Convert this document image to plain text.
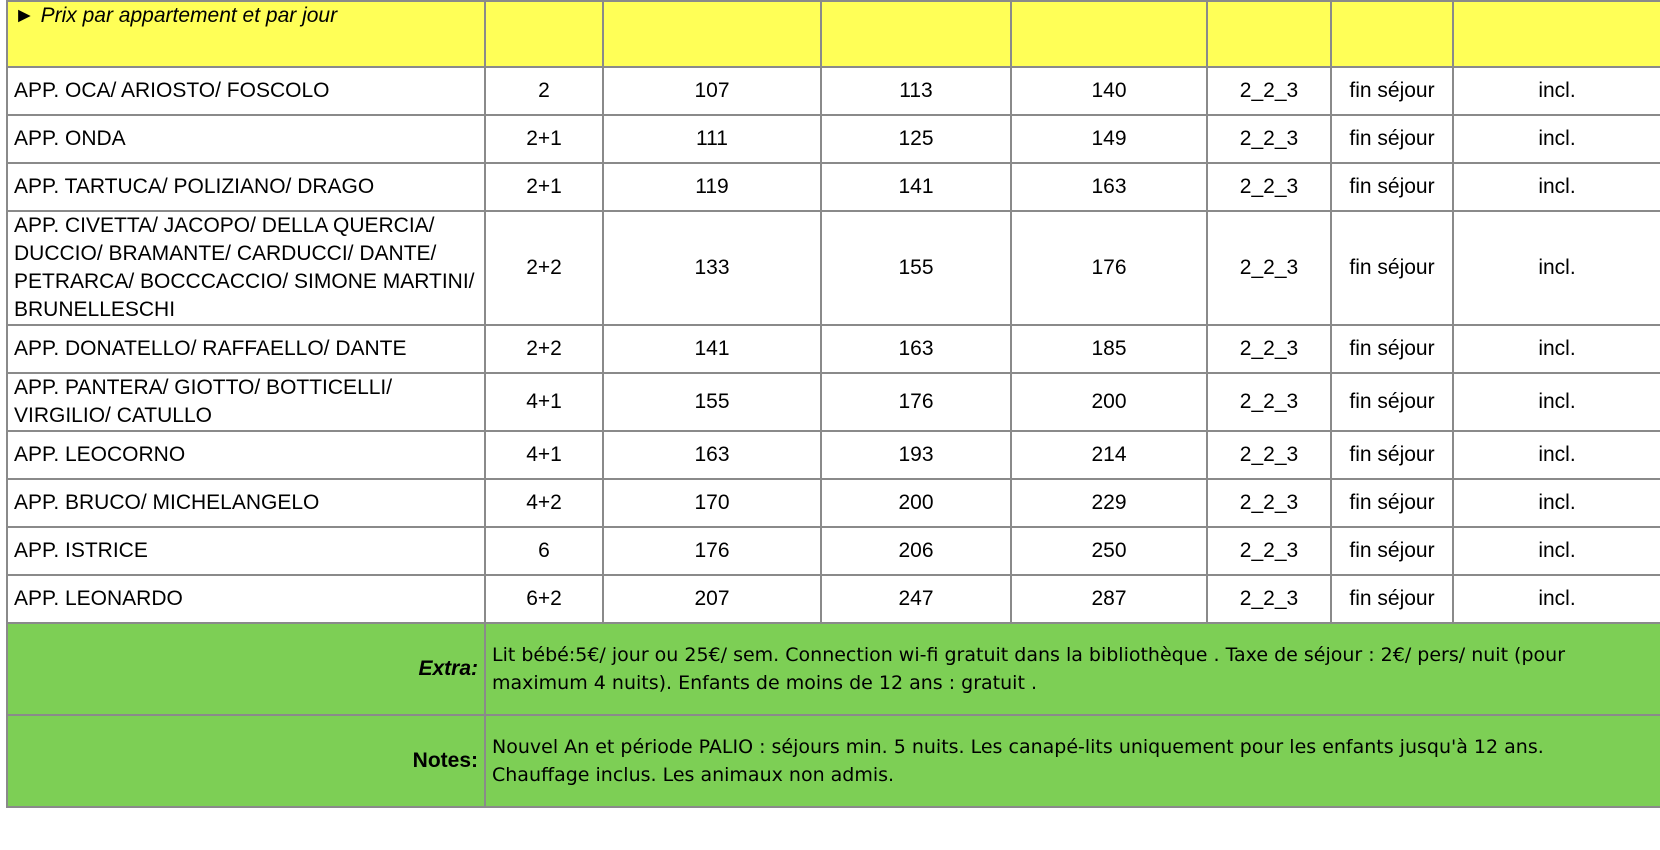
► Prix par appartement et par jour							

APP. OCA/ ARIOSTO/ FOSCOLO	2	107	113	140	2_2_3	fin séjour	incl.

APP. ONDA	2+1	111	125	149	2_2_3	fin séjour	incl.

APP. TARTUCA/ POLIZIANO/ DRAGO	2+1	119	141	163	2_2_3	fin séjour	incl.

APP. CIVETTA/ JACOPO/ DELLA QUERCIA/
DUCCIO/ BRAMANTE/ CARDUCCI/ DANTE/
PETRARCA/ BOCCCACCIO/ SIMONE MARTINI/
BRUNELLESCHI	2+2	133	155	176	2_2_3	fin séjour	incl.

APP. DONATELLO/ RAFFAELLO/ DANTE	2+2	141	163	185	2_2_3	fin séjour	incl.

APP. PANTERA/ GIOTTO/ BOTTICELLI/
VIRGILIO/ CATULLO	4+1	155	176	200	2_2_3	fin séjour	incl.

APP. LEOCORNO	4+1	163	193	214	2_2_3	fin séjour	incl.

APP. BRUCO/ MICHELANGELO	4+2	170	200	229	2_2_3	fin séjour	incl.

APP. ISTRICE	6	176	206	250	2_2_3	fin séjour	incl.

APP. LEONARDO	6+2	207	247	287	2_2_3	fin séjour	incl.
Extra:	Lit bébé:5€/ jour ou 25€/ sem. Connection wi-fi gratuit dans la bibliothèque . Taxe de séjour : 2€/ pers/ nuit (pour
maximum 4 nuits). Enfants de moins de 12 ans : gratuit .						

Notes:	Nouvel An et période PALIO : séjours min. 5 nuits. Les canapé-lits uniquement pour les enfants jusqu'à 12 ans.
Chauffage inclus. Les animaux non admis.						
